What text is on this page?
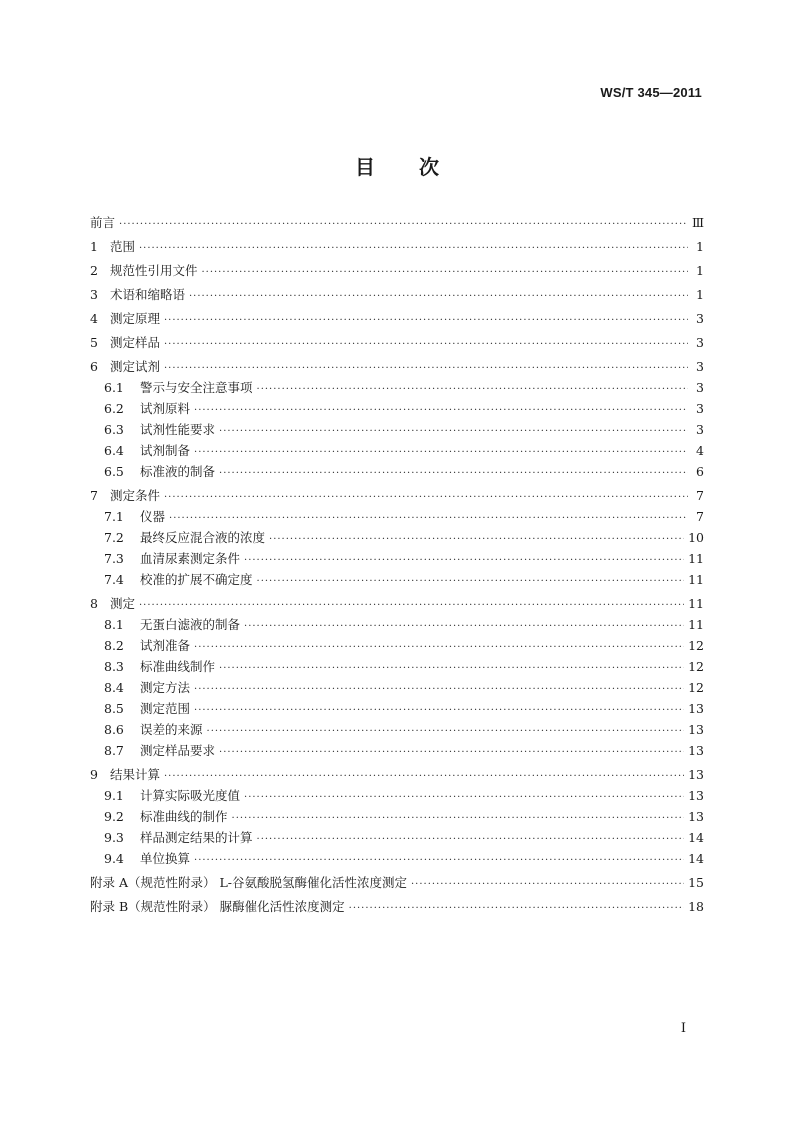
WS/T 345—2011
目次
前言 ·····	Ⅲ
1 范围 ·····	1
2 规范性引用文件 ·····	1
3 术语和缩略语 ·····	1
4 测定原理 ·····	3
5 测定样品 ·····	3
6 测定试剂 ·····	3
6.1	警示与安全注意事项 ·····	3
6.2	试剂原料 ·····	3
6.3	试剂性能要求 ·····	3
6.4	试剂制备 ·····	4
6.5	标准液的制备 ·····	6
7 测定条件 ·····	7
7.1	仪器 ·····	7
7.2	最终反应混合液的浓度 ·····	10
7.3	血清尿素测定条件 ·····	11
7.4	校准的扩展不确定度 ·····	11
8 测定 ·····	11
8.1	无蛋白滤液的制备 ·····	11
8.2	试剂准备 ·····	12
8.3	标准曲线制作 ·····	12
8.4	测定方法 ·····	12
8.5	测定范围 ·····	13
8.6	误差的来源 ·····	13
8.7	测定样品要求 ·····	13
9 结果计算 ·····	13
9.1	计算实际吸光度值 ·····	13
9.2	标准曲线的制作 ·····	13
9.3	样品测定结果的计算 ·····	14
9.4	单位换算 ·····	14
附录 A（规范性附录） L-谷氨酸脱氢酶催化活性浓度测定 ·····	15
附录 B（规范性附录） 脲酶催化活性浓度测定 ·····	18
I
